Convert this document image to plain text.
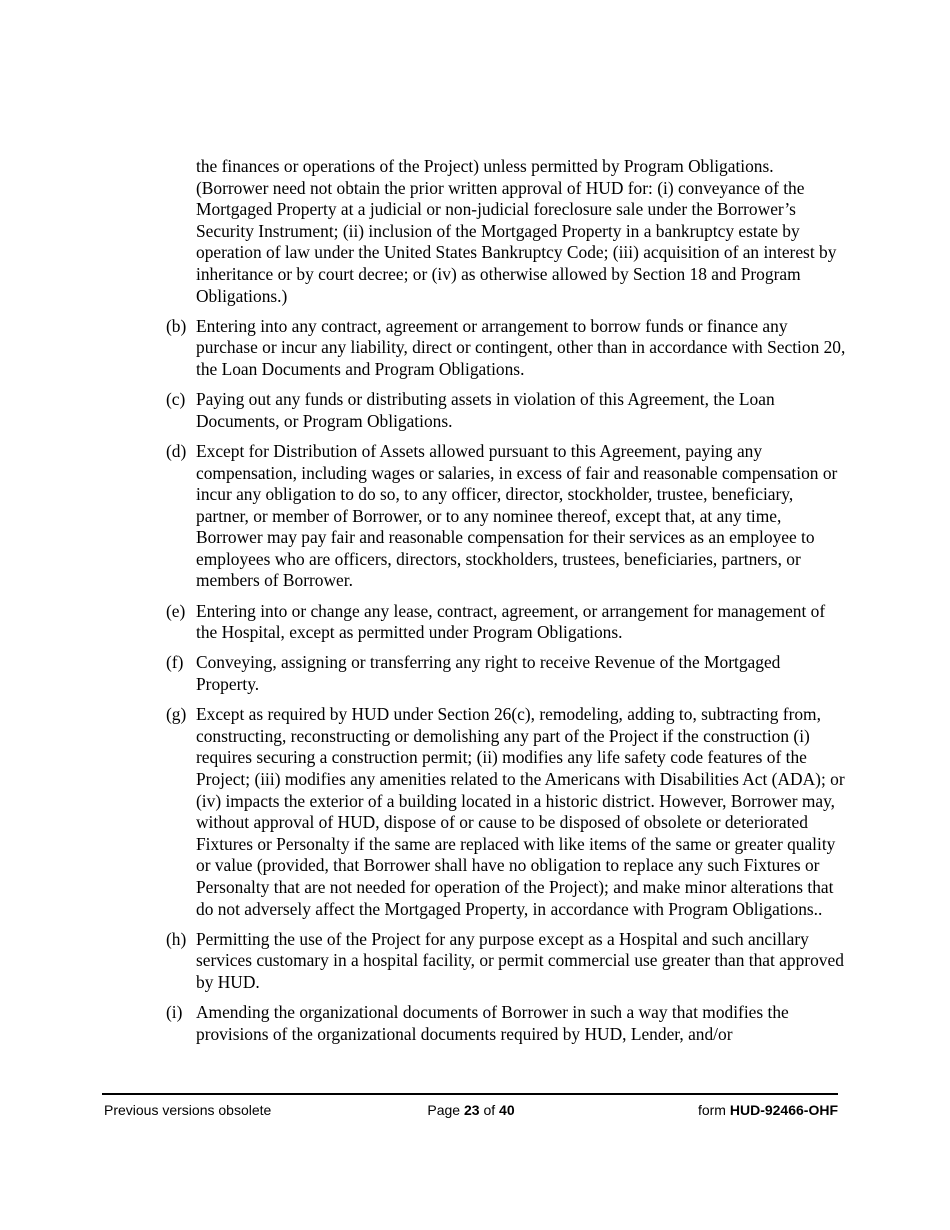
the finances or operations of the Project) unless permitted by Program Obligations. (Borrower need not obtain the prior written approval of HUD for: (i) conveyance of the Mortgaged Property at a judicial or non-judicial foreclosure sale under the Borrower’s Security Instrument; (ii) inclusion of the Mortgaged Property in a bankruptcy estate by operation of law under the United States Bankruptcy Code; (iii) acquisition of an interest by inheritance or by court decree; or (iv) as otherwise allowed by Section 18 and Program Obligations.)
(b) Entering into any contract, agreement or arrangement to borrow funds or finance any purchase or incur any liability, direct or contingent, other than in accordance with Section 20, the Loan Documents and Program Obligations.
(c) Paying out any funds or distributing assets in violation of this Agreement, the Loan Documents, or Program Obligations.
(d) Except for Distribution of Assets allowed pursuant to this Agreement, paying any compensation, including wages or salaries, in excess of fair and reasonable compensation or incur any obligation to do so, to any officer, director, stockholder, trustee, beneficiary, partner, or member of Borrower, or to any nominee thereof, except that, at any time, Borrower may pay fair and reasonable compensation for their services as an employee to employees who are officers, directors, stockholders, trustees, beneficiaries, partners, or members of Borrower.
(e) Entering into or change any lease, contract, agreement, or arrangement for management of the Hospital, except as permitted under Program Obligations.
(f) Conveying, assigning or transferring any right to receive Revenue of the Mortgaged Property.
(g) Except as required by HUD under Section 26(c), remodeling, adding to, subtracting from, constructing, reconstructing or demolishing any part of the Project if the construction (i) requires securing a construction permit; (ii) modifies any life safety code features of the Project; (iii) modifies any amenities related to the Americans with Disabilities Act (ADA); or (iv) impacts the exterior of a building located in a historic district. However, Borrower may, without approval of HUD, dispose of or cause to be disposed of obsolete or deteriorated Fixtures or Personalty if the same are replaced with like items of the same or greater quality or value (provided, that Borrower shall have no obligation to replace any such Fixtures or Personalty that are not needed for operation of the Project); and make minor alterations that do not adversely affect the Mortgaged Property, in accordance with Program Obligations..
(h) Permitting the use of the Project for any purpose except as a Hospital and such ancillary services customary in a hospital facility, or permit commercial use greater than that approved by HUD.
(i) Amending the organizational documents of Borrower in such a way that modifies the provisions of the organizational documents required by HUD, Lender, and/or
Previous versions obsolete	Page 23 of 40	form HUD-92466-OHF
